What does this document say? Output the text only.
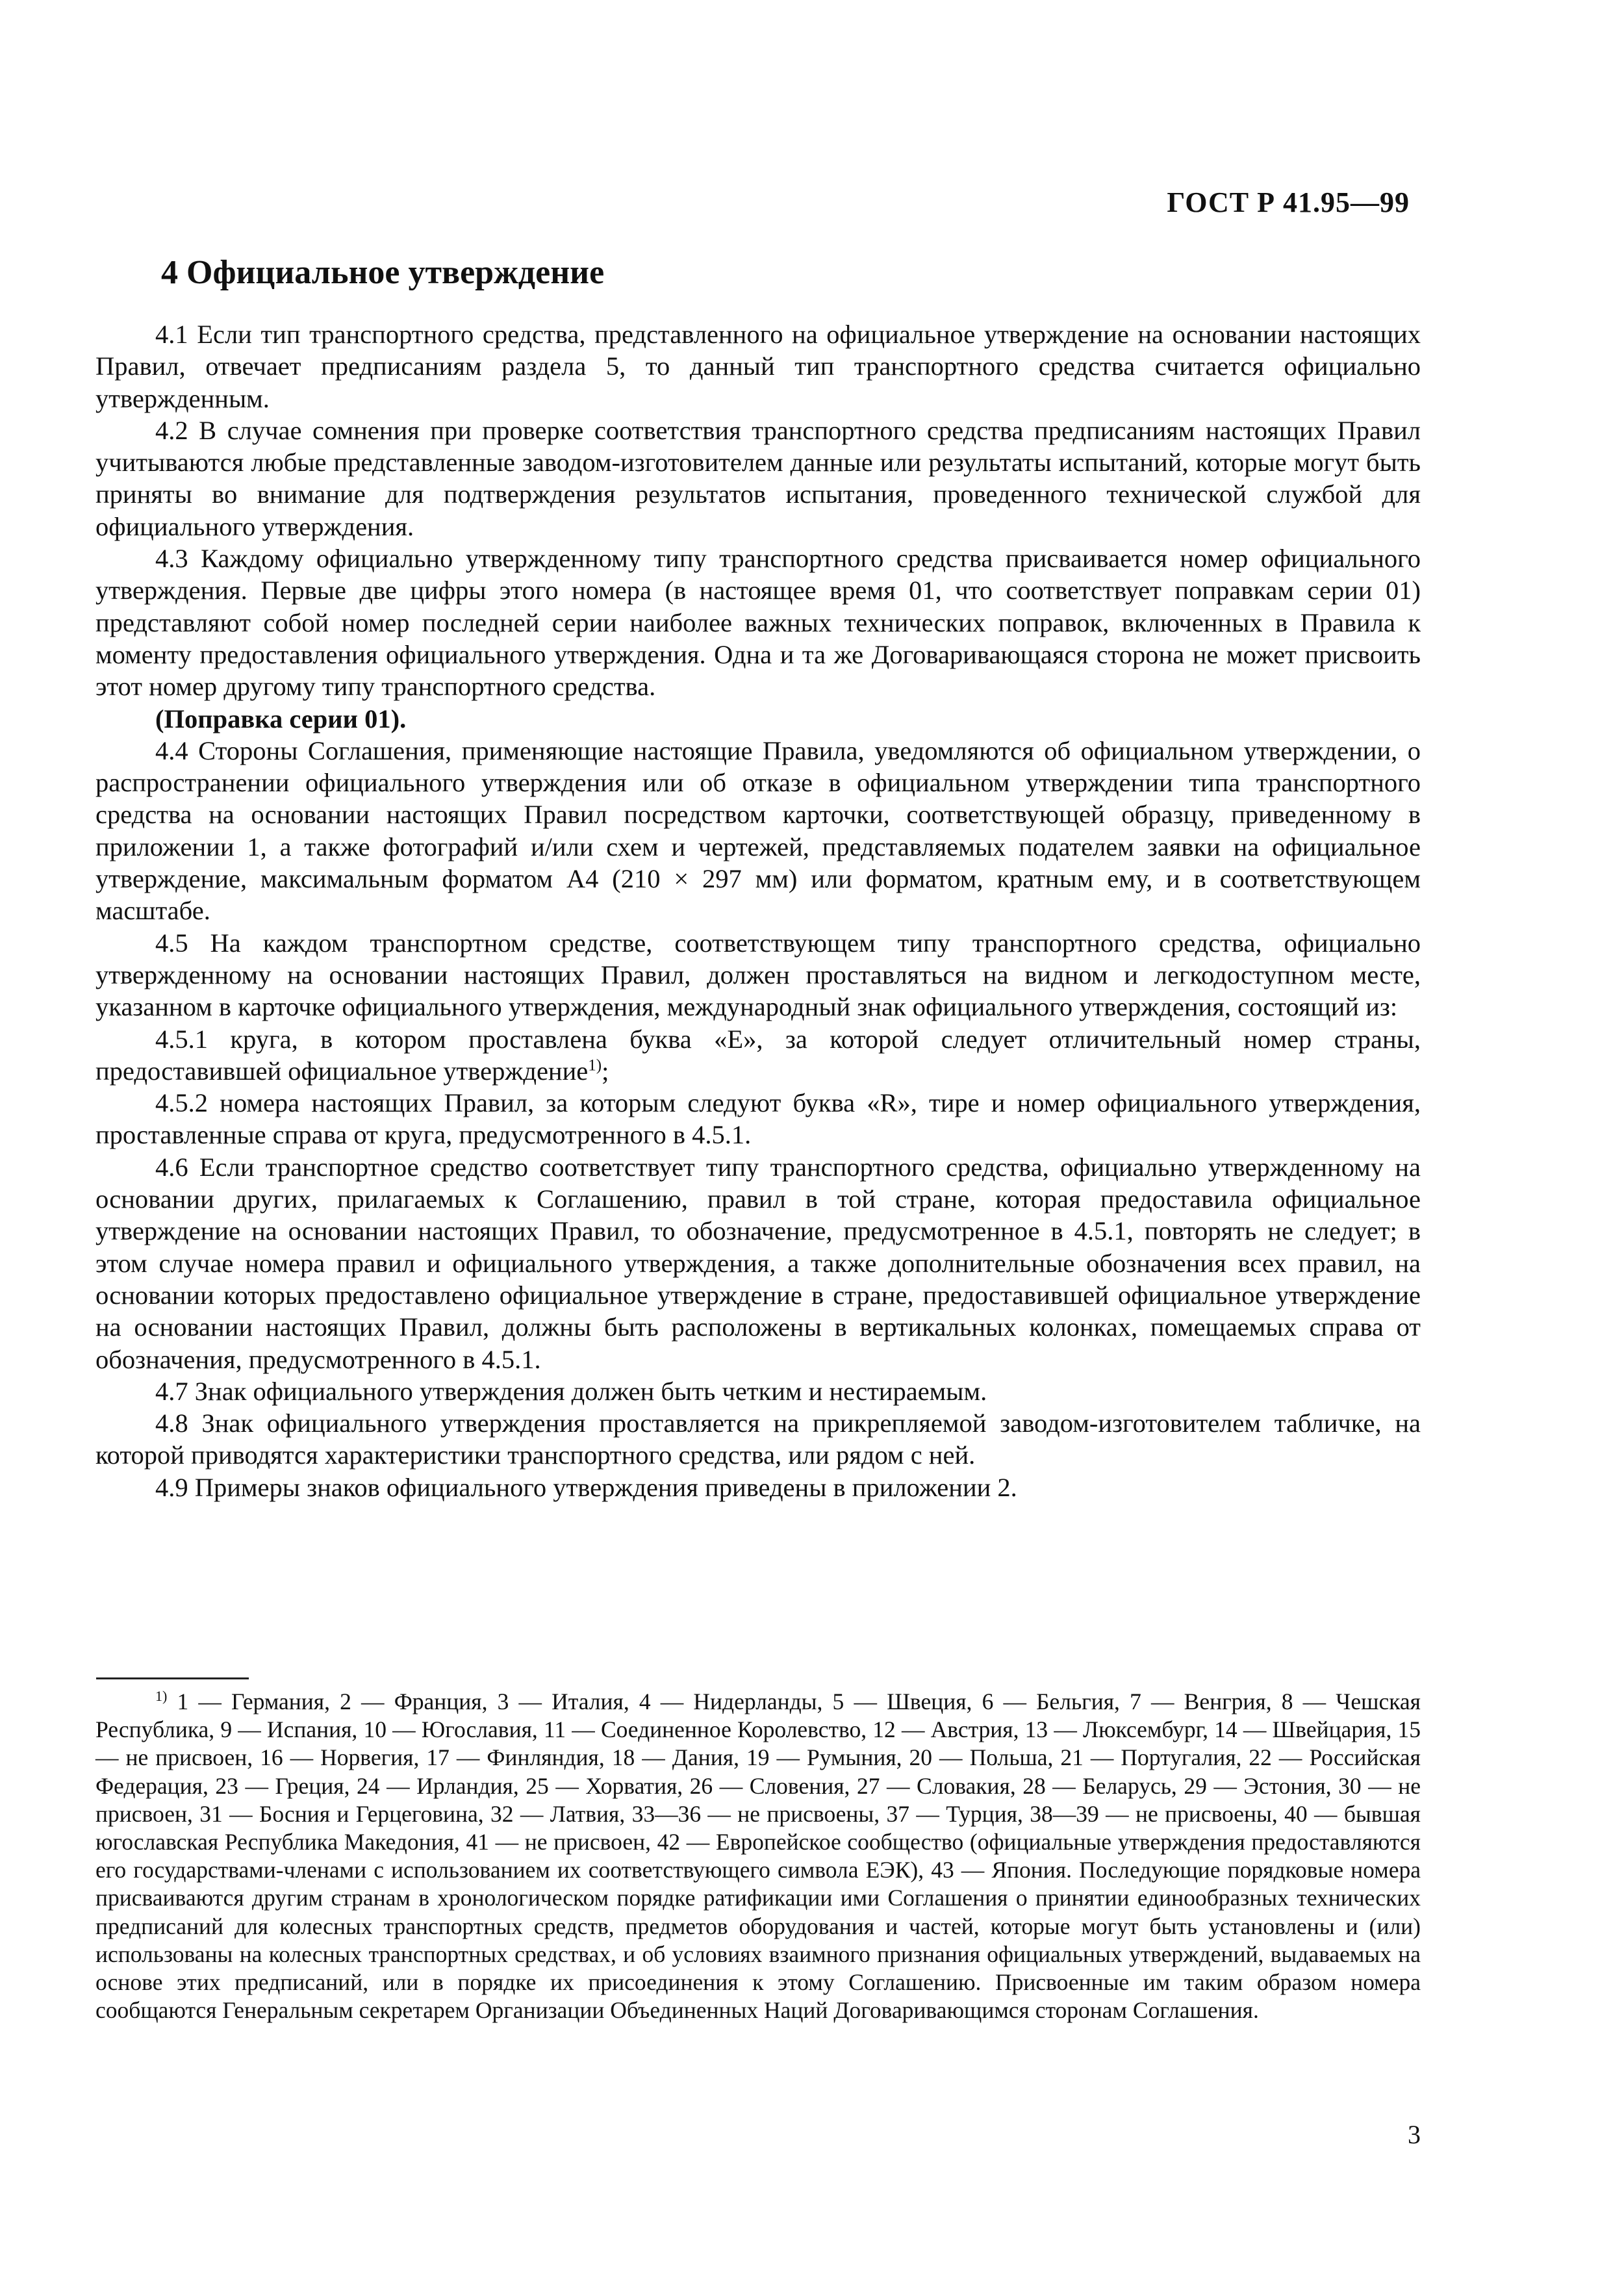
ГОСТ Р 41.95—99
4 Официальное утверждение

4.1 Если тип транспортного средства, представленного на официальное утверждение на основании настоящих Правил, отвечает предписаниям раздела 5, то данный тип транспортного средства считается официально утвержденным.

4.2 В случае сомнения при проверке соответствия транспортного средства предписаниям настоящих Правил учитываются любые представленные заводом-изготовителем данные или результаты испытаний, которые могут быть приняты во внимание для подтверждения результатов испытания, проведенного технической службой для официального утверждения.

4.3 Каждому официально утвержденному типу транспортного средства присваивается номер официального утверждения. Первые две цифры этого номера (в настоящее время 01, что соответствует поправкам серии 01) представляют собой номер последней серии наиболее важных технических поправок, включенных в Правила к моменту предоставления официального утверждения. Одна и та же Договаривающаяся сторона не может присвоить этот номер другому типу транспортного средства.

(Поправка серии 01).

4.4 Стороны Соглашения, применяющие настоящие Правила, уведомляются об официальном утверждении, о распространении официального утверждения или об отказе в официальном утверждении типа транспортного средства на основании настоящих Правил посредством карточки, соответствующей образцу, приведенному в приложении 1, а также фотографий и/или схем и чертежей, представляемых подателем заявки на официальное утверждение, максимальным форматом А4 (210 × 297 мм) или форматом, кратным ему, и в соответствующем масштабе.

4.5 На каждом транспортном средстве, соответствующем типу транспортного средства, официально утвержденному на основании настоящих Правил, должен проставляться на видном и легкодоступном месте, указанном в карточке официального утверждения, международный знак официального утверждения, состоящий из:

4.5.1 круга, в котором проставлена буква «Е», за которой следует отличительный номер страны, предоставившей официальное утверждение$^{1)}$;

4.5.2 номера настоящих Правил, за которым следуют буква «R», тире и номер официального утверждения, проставленные справа от круга, предусмотренного в 4.5.1.

4.6 Если транспортное средство соответствует типу транспортного средства, официально утвержденному на основании других, прилагаемых к Соглашению, правил в той стране, которая предоставила официальное утверждение на основании настоящих Правил, то обозначение, предусмотренное в 4.5.1, повторять не следует; в этом случае номера правил и официального утверждения, а также дополнительные обозначения всех правил, на основании которых предоставлено официальное утверждение в стране, предоставившей официальное утверждение на основании настоящих Правил, должны быть расположены в вертикальных колонках, помещаемых справа от обозначения, предусмотренного в 4.5.1.

4.7 Знак официального утверждения должен быть четким и нестираемым.

4.8 Знак официального утверждения проставляется на прикрепляемой заводом-изготовителем табличке, на которой приводятся характеристики транспортного средства, или рядом с ней.

4.9 Примеры знаков официального утверждения приведены в приложении 2.

$^{1)}$ 1 — Германия, 2 — Франция, 3 — Италия, 4 — Нидерланды, 5 — Швеция, 6 — Бельгия, 7 — Венгрия, 8 — Чешская Республика, 9 — Испания, 10 — Югославия, 11 — Соединенное Королевство, 12 — Австрия, 13 — Люксембург, 14 — Швейцария, 15 — не присвоен, 16 — Норвегия, 17 — Финляндия, 18 — Дания, 19 — Румыния, 20 — Польша, 21 — Португалия, 22 — Российская Федерация, 23 — Греция, 24 — Ирландия, 25 — Хорватия, 26 — Словения, 27 — Словакия, 28 — Беларусь, 29 — Эстония, 30 — не присвоен, 31 — Босния и Герцеговина, 32 — Латвия, 33—36 — не присвоены, 37 — Турция, 38—39 — не присвоены, 40 — бывшая югославская Республика Македония, 41 — не присвоен, 42 — Европейское сообщество (официальные утверждения предоставляются его государствами-членами с использованием их соответствующего символа ЕЭК), 43 — Япония. Последующие порядковые номера присваиваются другим странам в хронологическом порядке ратификации ими Соглашения о принятии единообразных технических предписаний для колесных транспортных средств, предметов оборудования и частей, которые могут быть установлены и (или) использованы на колесных транспортных средствах, и об условиях взаимного признания официальных утверждений, выдаваемых на основе этих предписаний, или в порядке их присоединения к этому Соглашению. Присвоенные им таким образом номера сообщаются Генеральным секретарем Организации Объединенных Наций Договаривающимся сторонам Соглашения.
3
